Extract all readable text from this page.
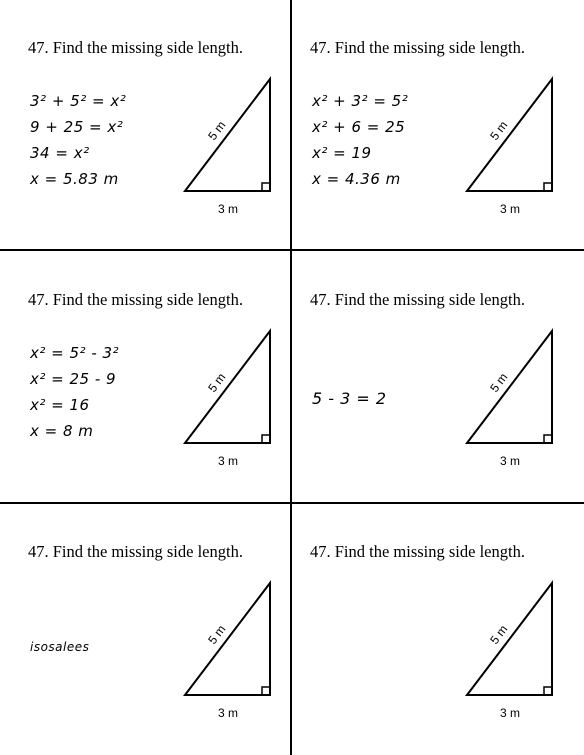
47. Find the missing side length.
3² + 5² = x²
9 + 25 = x²
34 = x²
x = 5.83 m
5 m
3 m
47. Find the missing side length.
x² + 3² = 5²
x² + 6 = 25
x² = 19
x = 4.36 m
5 m
3 m
47. Find the missing side length.
x² = 5² - 3²
x² = 25 - 9
x² = 16
x = 8 m
5 m
3 m
47. Find the missing side length.
5 - 3 = 2
5 m
3 m
47. Find the missing side length.
isosalees
5 m
3 m
47. Find the missing side length.
5 m
3 m
